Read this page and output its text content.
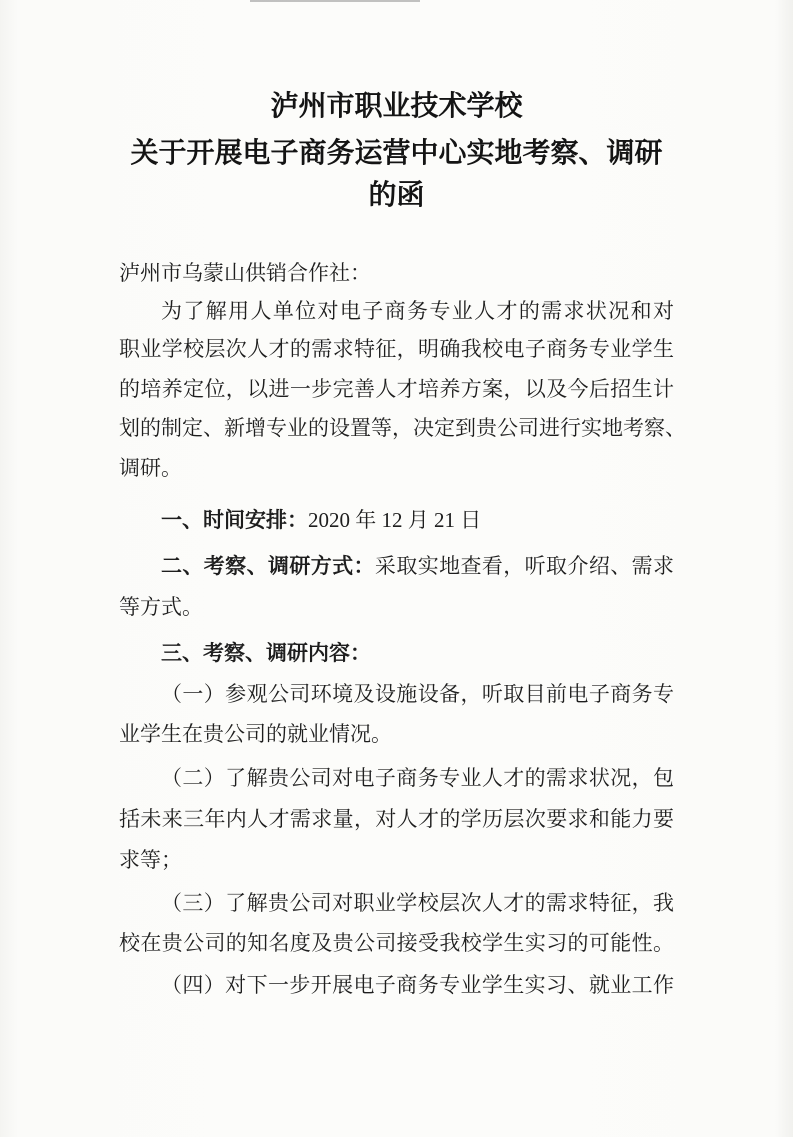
泸州市职业技术学校
关于开展电子商务运营中心实地考察、调研
的函
泸州市乌蒙山供销合作社：
为了解用人单位对电子商务专业人才的需求状况和对
职业学校层次人才的需求特征，明确我校电子商务专业学生
的培养定位，以进一步完善人才培养方案，以及今后招生计
划的制定、新增专业的设置等，决定到贵公司进行实地考察、
调研。
一、时间安排：2020 年 12 月 21 日
二、考察、调研方式：采取实地查看，听取介绍、需求
等方式。
三、考察、调研内容：
（一）参观公司环境及设施设备，听取目前电子商务专
业学生在贵公司的就业情况。
（二）了解贵公司对电子商务专业人才的需求状况，包
括未来三年内人才需求量，对人才的学历层次要求和能力要
求等；
（三）了解贵公司对职业学校层次人才的需求特征，我
校在贵公司的知名度及贵公司接受我校学生实习的可能性。
（四）对下一步开展电子商务专业学生实习、就业工作
